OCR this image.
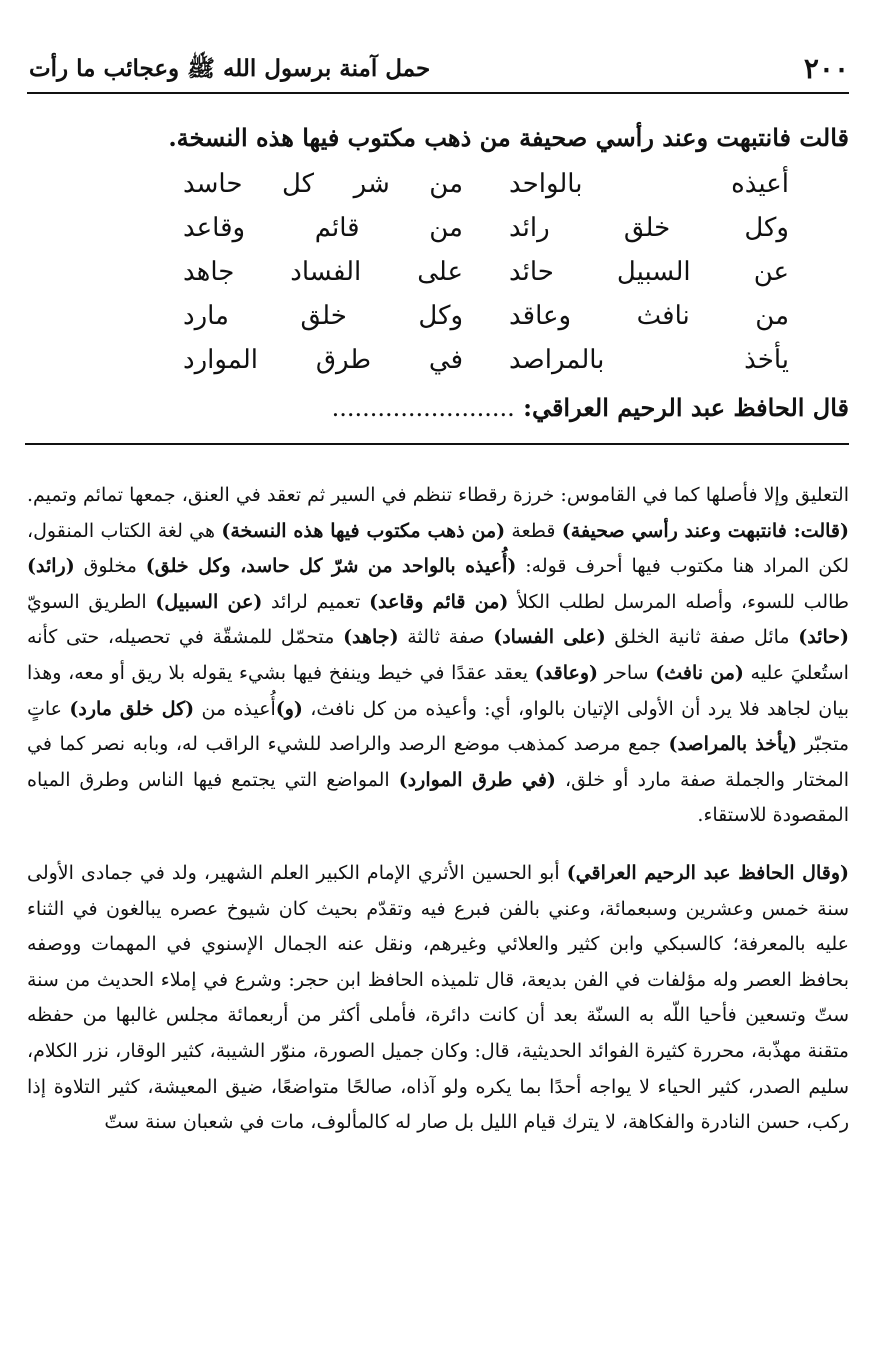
٢٠٠
حمل آمنة برسول الله ﷺ وعجائب ما رأت

قالت فانتبهت وعند رأسي صحيفة من ذهب مكتوب فيها هذه النسخة.

أعيذه بالواحد
من شر كل حاسد
وكل خلق رائد
من قائم وقاعد
عن السبيل حائد
على الفساد جاهد
من نافث وعاقد
وكل خلق مارد
يأخذ بالمراصد
في طرق الموارد
قال الحافظ عبد الرحيم العراقي: ........................

التعليق وإلا فأصلها كما في القاموس: خرزة رقطاء تنظم في السير ثم تعقد في العنق، جمعها تمائم وتميم. (قالت: فانتبهت وعند رأسي صحيفة) قطعة (من ذهب مكتوب فيها هذه النسخة) هي لغة الكتاب المنقول، لكن المراد هنا مكتوب فيها أحرف قوله: (أُعيذه بالواحد من شرّ كل حاسد، وكل خلق) مخلوق (رائد) طالب للسوء، وأصله المرسل لطلب الكلأ (من قائم وقاعد) تعميم لرائد (عن السبيل) الطريق السويّ (حائد) مائل صفة ثانية الخلق (على الفساد) صفة ثالثة (جاهد) متحمّل للمشقّة في تحصيله، حتى كأنه استُعليَ عليه (من نافث) ساحر (وعاقد) يعقد عقدًا في خيط وينفخ فيها بشيء يقوله بلا ريق أو معه، وهذا بيان لجاهد فلا يرد أن الأولى الإتيان بالواو، أي: وأعيذه من كل نافث، (و)أُعيذه من (كل خلق مارد) عاتٍ متجبّر (يأخذ بالمراصد) جمع مرصد كمذهب موضع الرصد والراصد للشيء الراقب له، وبابه نصر كما في المختار والجملة صفة مارد أو خلق، (في طرق الموارد) المواضع التي يجتمع فيها الناس وطرق المياه المقصودة للاستقاء.

(وقال الحافظ عبد الرحيم العراقي) أبو الحسين الأثري الإمام الكبير العلم الشهير، ولد في جمادى الأولى سنة خمس وعشرين وسبعمائة، وعني بالفن فبرع فيه وتقدّم بحيث كان شيوخ عصره يبالغون في الثناء عليه بالمعرفة؛ كالسبكي وابن كثير والعلائي وغيرهم، ونقل عنه الجمال الإسنوي في المهمات ووصفه بحافظ العصر وله مؤلفات في الفن بديعة، قال تلميذه الحافظ ابن حجر: وشرع في إملاء الحديث من سنة ستّ وتسعين فأحيا اللّه به السنّة بعد أن كانت دائرة، فأملى أكثر من أربعمائة مجلس غالبها من حفظه متقنة مهذّبة، محررة كثيرة الفوائد الحديثية، قال: وكان جميل الصورة، منوّر الشيبة، كثير الوقار، نزر الكلام، سليم الصدر، كثير الحياء لا يواجه أحدًا بما يكره ولو آذاه، صالحًا متواضعًا، ضيق المعيشة، كثير التلاوة إذا ركب، حسن النادرة والفكاهة، لا يترك قيام الليل بل صار له كالمألوف، مات في شعبان سنة ستّ
